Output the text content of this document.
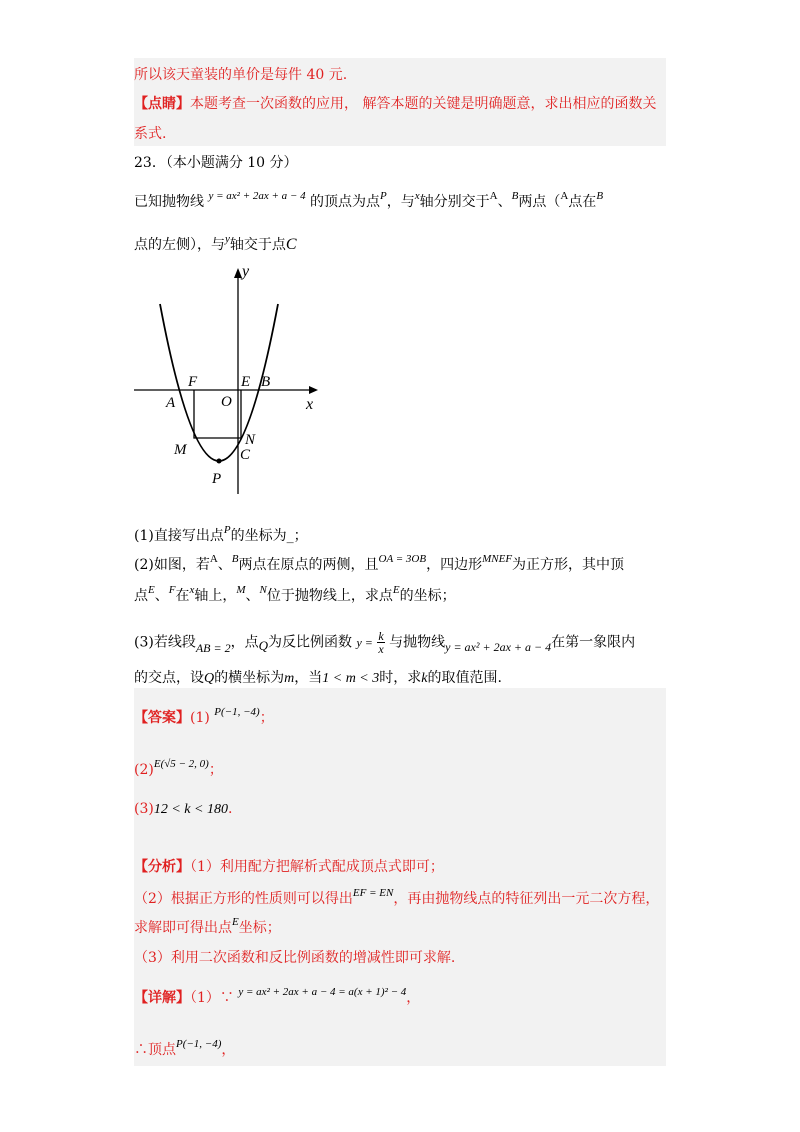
所以该天童装的单价是每件 40 元.
【点睛】本题考查一次函数的应用， 解答本题的关键是明确题意，求出相应的函数关
系式.
23．（本小题满分 10 分）
已知抛物线 $^{y = ax^2 + 2ax + a - 4}$ 的顶点为点$^P$，与$^x$轴分别交于$^A$、$^B$两点（$^A$点在$^B$
点的左侧），与$^y$轴交于点C
y
x
O
A
B
E
F
M
N
C
P
(1)直接写出点$^P$的坐标为_；
(2)如图，若$^A$、$^B$两点在原点的两侧，且$^{OA = 3OB}$，四边形$^{MNEF}$为正方形，其中顶
点$^E$、$^F$在$^x$轴上，$^M$、$^N$位于抛物线上，求点$^E$的坐标；
(3)若线段AB = 2，点Q为反比例函数 $y = \frac{k}{x}$ 与抛物线y = ax² + 2ax + a − 4在第一象限内
的交点，设Q的横坐标为m，当1 < m < 3时，求k的取值范围.
【答案】(1) $^{P(-1, -4)}$；
$(2)^{E(√5 - 2, 0)}$；
(3)12 < k < 180.
【分析】（1）利用配方把解析式配成顶点式即可；
（2）根据正方形的性质则可以得出$^{EF = EN}$，再由抛物线点的特征列出一元二次方程，
求解即可得出点$^E$坐标；
（3）利用二次函数和反比例函数的增减性即可求解.
【详解】（1）∵ $^{y = ax^2 + 2ax + a - 4 = a(x + 1)^2 - 4}$，
∴顶点$^{P(-1, -4)}$，
